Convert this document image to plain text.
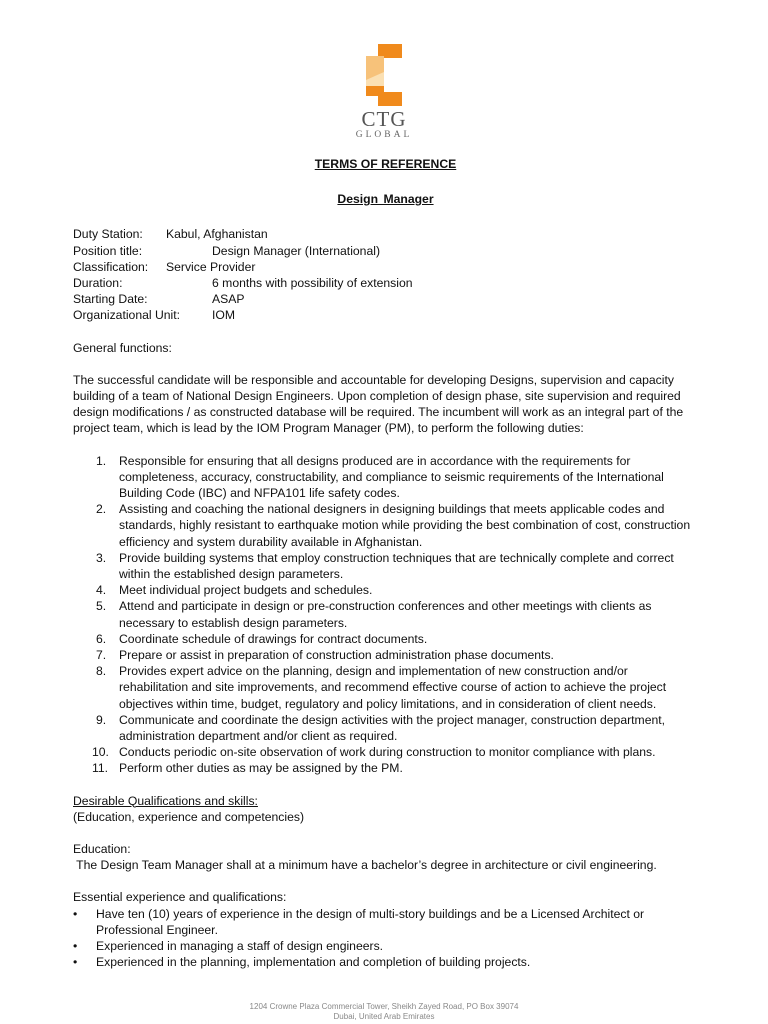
CTG
GLOBAL
TERMS OF REFERENCE
Design Manager
Duty Station: Kabul, Afghanistan
Position title:	Design Manager (International)
Classification: Service Provider
Duration:	6 months with possibility of extension
Starting Date:	ASAP
Organizational Unit:	IOM

General functions:

The successful candidate will be responsible and accountable for developing Designs, supervision and capacity building of a team of National Design Engineers. Upon completion of design phase, site supervision and required design modifications / as constructed database will be required. The incumbent will work as an integral part of the project team, which is lead by the IOM Program Manager (PM), to perform the following duties:

1. Responsible for ensuring that all designs produced are in accordance with the requirements for completeness, accuracy, constructability, and compliance to seismic requirements of the International Building Code (IBC) and NFPA101 life safety codes.
2. Assisting and coaching the national designers in designing buildings that meets applicable codes and standards, highly resistant to earthquake motion while providing the best combination of cost, construction efficiency and system durability available in Afghanistan.
3. Provide building systems that employ construction techniques that are technically complete and correct within the established design parameters.
4. Meet individual project budgets and schedules.
5. Attend and participate in design or pre-construction conferences and other meetings with clients as necessary to establish design parameters.
6. Coordinate schedule of drawings for contract documents.
7. Prepare or assist in preparation of construction administration phase documents.
8. Provides expert advice on the planning, design and implementation of new construction and/or rehabilitation and site improvements, and recommend effective course of action to achieve the project objectives within time, budget, regulatory and policy limitations, and in consideration of client needs.
9. Communicate and coordinate the design activities with the project manager, construction department, administration department and/or client as required.
10. Conducts periodic on-site observation of work during construction to monitor compliance with plans.
11. Perform other duties as may be assigned by the PM.

Desirable Qualifications and skills:

(Education, experience and competencies)

Education:

The Design Team Manager shall at a minimum have a bachelor’s degree in architecture or civil engineering.

Essential experience and qualifications:

• Have ten (10) years of experience in the design of multi-story buildings and be a Licensed Architect or Professional Engineer.
• Experienced in managing a staff of design engineers.
• Experienced in the planning, implementation and completion of building projects.
1204 Crowne Plaza Commercial Tower, Sheikh Zayed Road, PO Box 39074
Dubai, United Arab Emirates
